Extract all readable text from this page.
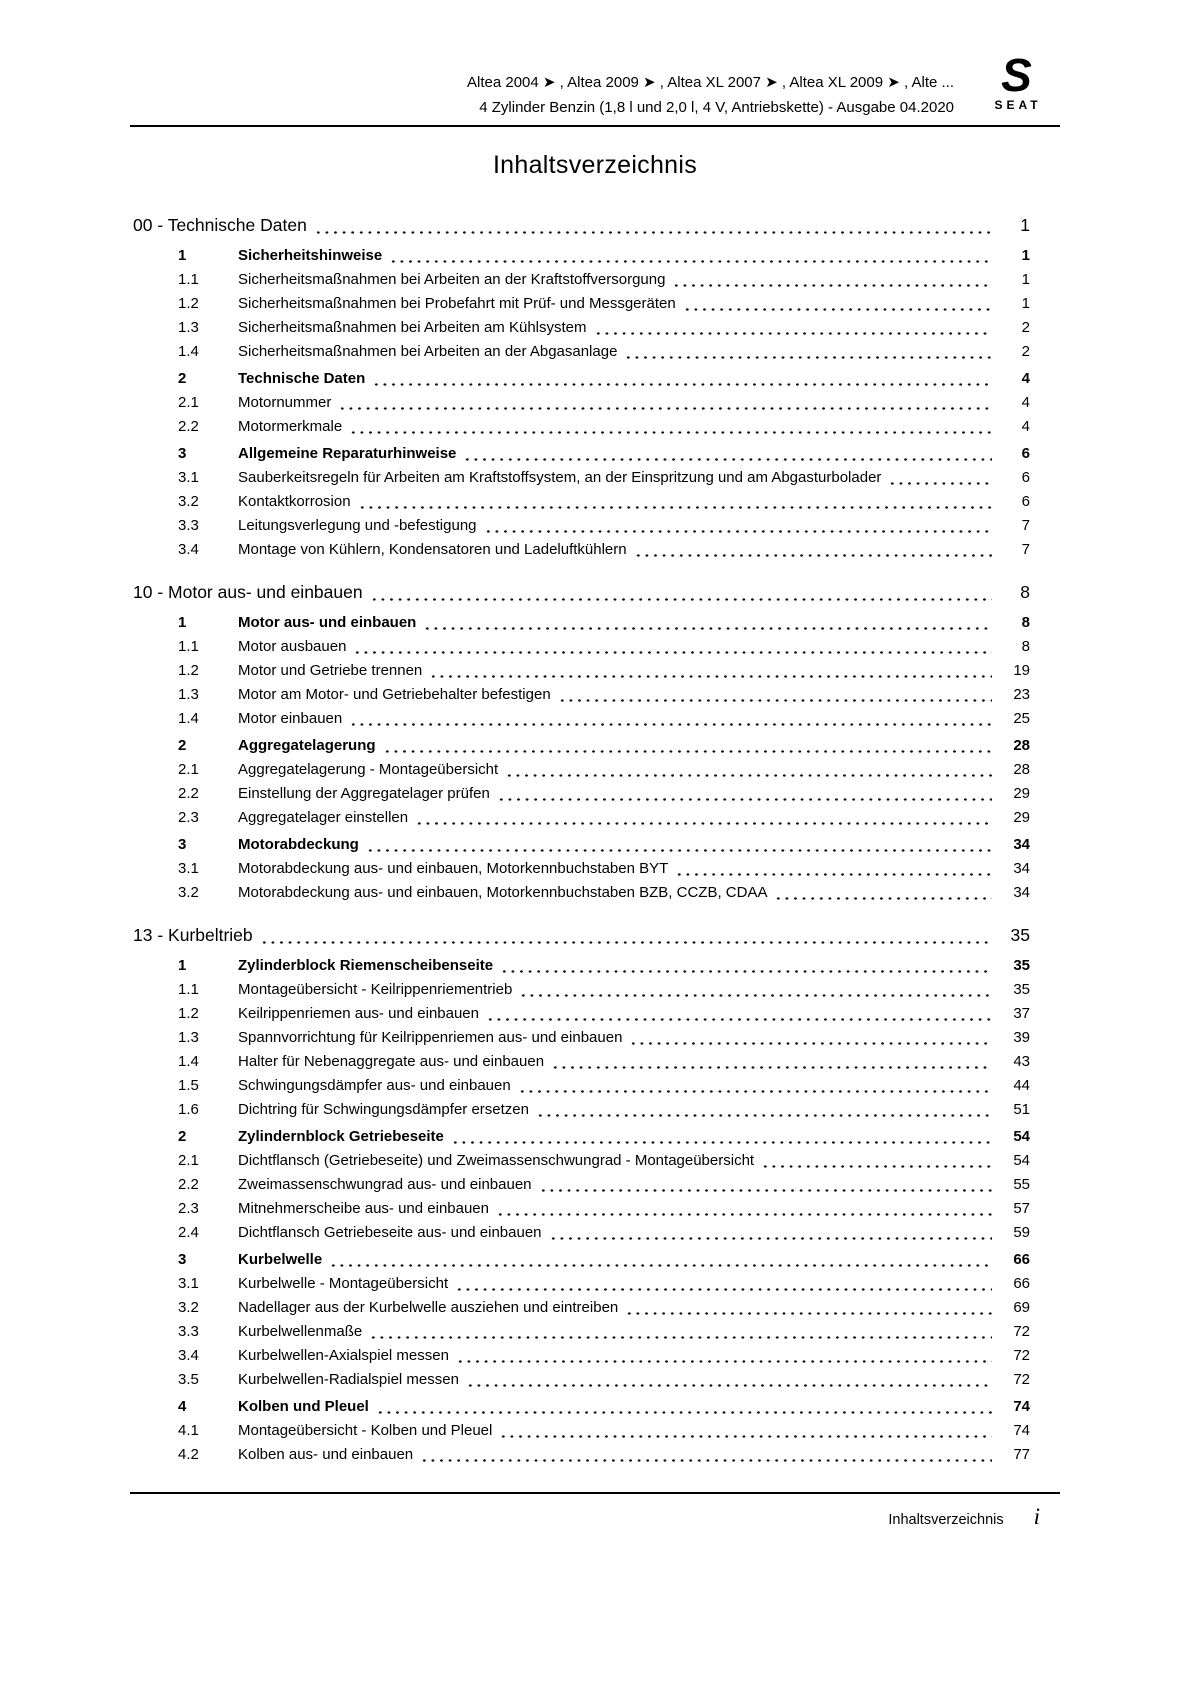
Altea 2004 ➤ , Altea 2009 ➤ , Altea XL 2007 ➤ , Altea XL 2009 ➤ , Alte ...
4 Zylinder Benzin (1,8 l und 2,0 l, 4 V, Antriebskette) - Ausgabe 04.2020
S
SEAT
Inhaltsverzeichnis
00 - Technische Daten	1
1	Sicherheitshinweise	1
1.1	Sicherheitsmaßnahmen bei Arbeiten an der Kraftstoffversorgung	1
1.2	Sicherheitsmaßnahmen bei Probefahrt mit Prüf- und Messgeräten	1
1.3	Sicherheitsmaßnahmen bei Arbeiten am Kühlsystem	2
1.4	Sicherheitsmaßnahmen bei Arbeiten an der Abgasanlage	2
2	Technische Daten	4
2.1	Motornummer	4
2.2	Motormerkmale	4
3	Allgemeine Reparaturhinweise	6
3.1	Sauberkeitsregeln für Arbeiten am Kraftstoffsystem, an der Einspritzung und am Abgasturbolader	6
3.2	Kontaktkorrosion	6
3.3	Leitungsverlegung und -befestigung	7
3.4	Montage von Kühlern, Kondensatoren und Ladeluftkühlern	7
10 - Motor aus- und einbauen	8
1	Motor aus- und einbauen	8
1.1	Motor ausbauen	8
1.2	Motor und Getriebe trennen	19
1.3	Motor am Motor- und Getriebehalter befestigen	23
1.4	Motor einbauen	25
2	Aggregatelagerung	28
2.1	Aggregatelagerung - Montageübersicht	28
2.2	Einstellung der Aggregatelager prüfen	29
2.3	Aggregatelager einstellen	29
3	Motorabdeckung	34
3.1	Motorabdeckung aus- und einbauen, Motorkennbuchstaben BYT	34
3.2	Motorabdeckung aus- und einbauen, Motorkennbuchstaben BZB, CCZB, CDAA	34
13 - Kurbeltrieb	35
1	Zylinderblock Riemenscheibenseite	35
1.1	Montageübersicht - Keilrippenriementrieb	35
1.2	Keilrippenriemen aus- und einbauen	37
1.3	Spannvorrichtung für Keilrippenriemen aus- und einbauen	39
1.4	Halter für Nebenaggregate aus- und einbauen	43
1.5	Schwingungsdämpfer aus- und einbauen	44
1.6	Dichtring für Schwingungsdämpfer ersetzen	51
2	Zylindernblock Getriebeseite	54
2.1	Dichtflansch (Getriebeseite) und Zweimassenschwungrad - Montageübersicht	54
2.2	Zweimassenschwungrad aus- und einbauen	55
2.3	Mitnehmerscheibe aus- und einbauen	57
2.4	Dichtflansch Getriebeseite aus- und einbauen	59
3	Kurbelwelle	66
3.1	Kurbelwelle - Montageübersicht	66
3.2	Nadellager aus der Kurbelwelle ausziehen und eintreiben	69
3.3	Kurbelwellenmaße	72
3.4	Kurbelwellen-Axialspiel messen	72
3.5	Kurbelwellen-Radialspiel messen	72
4	Kolben und Pleuel	74
4.1	Montageübersicht - Kolben und Pleuel	74
4.2	Kolben aus- und einbauen	77
Inhaltsverzeichnis i
